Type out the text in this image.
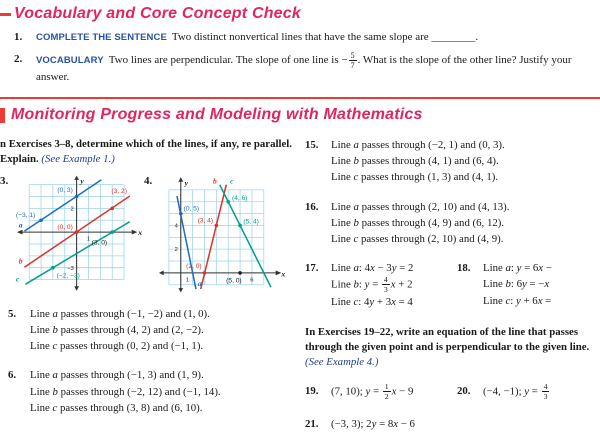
Vocabulary and Core Concept Check
1.	COMPLETE THE SENTENCE Two distinct nonvertical lines that have the same slope are ________.
2.	VOCABULARY Two lines are perpendicular. The slope of one line is − $\frac{5}{7}$ . What is the slope of the other line? Justify your answer.
Monitoring Progress and Modeling with Mathematics
n Exercises 3–8, determine which of the lines, if any, re parallel. Explain. (See Example 1.)
3.	y
x
a
b
c
(−3, 1)
(0, 3)	(3, 2)
(0, 0)
(3, 0)
(−2, −3)
2
1
−3
4.	y
x
a
b c
(0, 5)
(4, 6)
(5, 4)
(3, 4)
(2, 0)
(5, 0)
4
2
1	6
5.	Line a passes through (−1, −2) and (1, 0).
Line b passes through (4, 2) and (2, −2).
Line c passes through (0, 2) and (−1, 1).
6.	Line a passes through (−1, 3) and (1, 9).
Line b passes through (−2, 12) and (−1, 14).
Line c passes through (3, 8) and (6, 10).
15.	Line a passes through (−2, 1) and (0, 3).
Line b passes through (4, 1) and (6, 4).
Line c passes through (1, 3) and (4, 1).
16.	Line a passes through (2, 10) and (4, 13).
Line b passes through (4, 9) and (6, 12).
Line c passes through (2, 10) and (4, 9).
17.	Line a: 4x − 3y = 2
Line b: $y = \frac{4}{3}$ x + 2
Line c: 4y + 3x = 4
18.	Line a: y = 6x −
Line b: 6y = −x
Line c: y + 6x =
In Exercises 19–22, write an equation of the line that passes through the given point and is perpendicular to the given line. (See Example 4.)
19.	(7, 10); $y = \frac{1}{2}$ x − 9	20.	(−4, −1); $y = \frac{4}{3}$
21.	(−3, 3); 2y = 8x − 6
